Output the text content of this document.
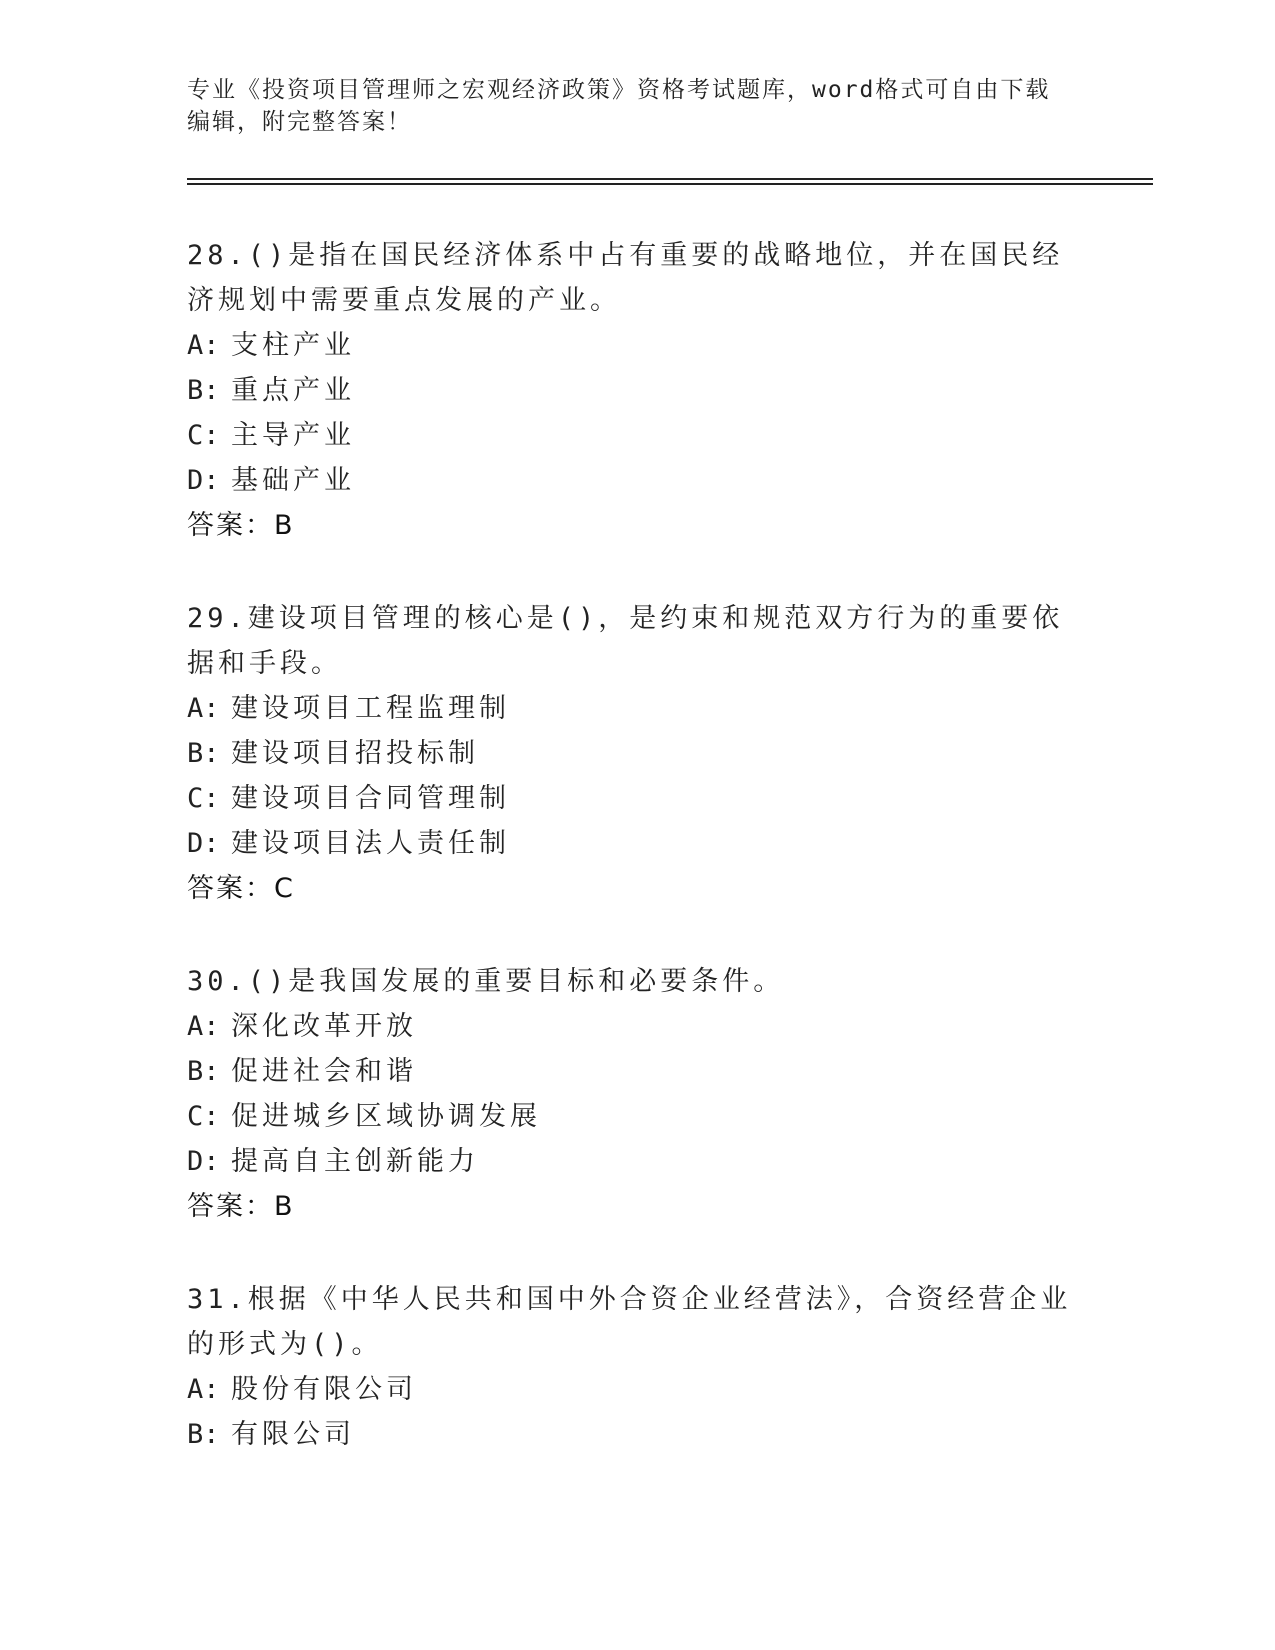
专业《投资项目管理师之宏观经济政策》资格考试题库，word格式可自由下载编辑，附完整答案！

28.()是指在国民经济体系中占有重要的战略地位，并在国民经济规划中需要重点发展的产业。

A: 支柱产业
B: 重点产业
C: 主导产业
D: 基础产业
答案：B

29.建设项目管理的核心是()，是约束和规范双方行为的重要依据和手段。

A: 建设项目工程监理制
B: 建设项目招投标制
C: 建设项目合同管理制
D: 建设项目法人责任制
答案：C

30.()是我国发展的重要目标和必要条件。

A: 深化改革开放
B: 促进社会和谐
C: 促进城乡区域协调发展
D: 提高自主创新能力
答案：B

31.根据《中华人民共和国中外合资企业经营法》，合资经营企业的形式为()。

A: 股份有限公司
B: 有限公司
